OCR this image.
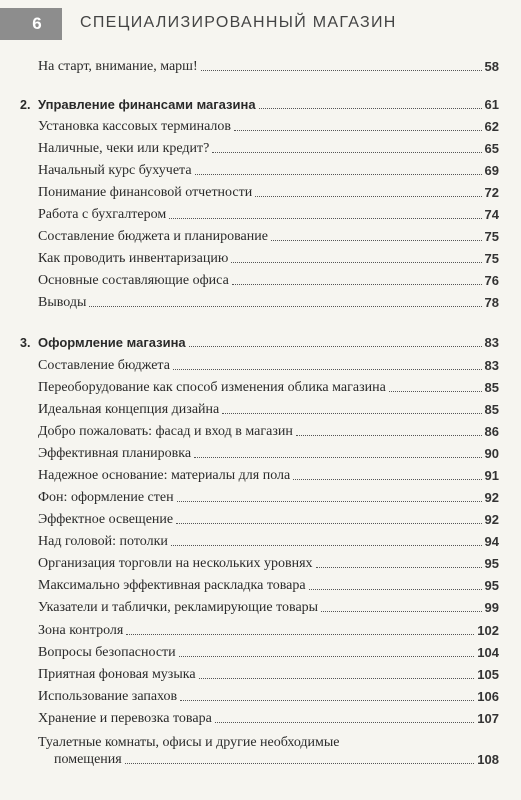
6 СПЕЦИАЛИЗИРОВАННЫЙ МАГАЗИН
На старт, внимание, марш!	58
2. Управление финансами магазина	61
Установка кассовых терминалов	62
Наличные, чеки или кредит?	65
Начальный курс бухучета	69
Понимание финансовой отчетности	72
Работа с бухгалтером	74
Составление бюджета и планирование	75
Как проводить инвентаризацию	75
Основные составляющие офиса	76
Выводы	78
3. Оформление магазина	83
Составление бюджета	83
Переоборудование как способ изменения облика магазина	85
Идеальная концепция дизайна	85
Добро пожаловать: фасад и вход в магазин	86
Эффективная планировка	90
Надежное основание: материалы для пола	91
Фон: оформление стен	92
Эффектное освещение	92
Над головой: потолки	94
Организация торговли на нескольких уровнях	95
Максимально эффективная раскладка товара	95
Указатели и таблички, рекламирующие товары	99
Зона контроля	102
Вопросы безопасности	104
Приятная фоновая музыка	105
Использование запахов	106
Хранение и перевозка товара	107
Туалетные комнаты, офисы и другие необходимые
помещения	108
